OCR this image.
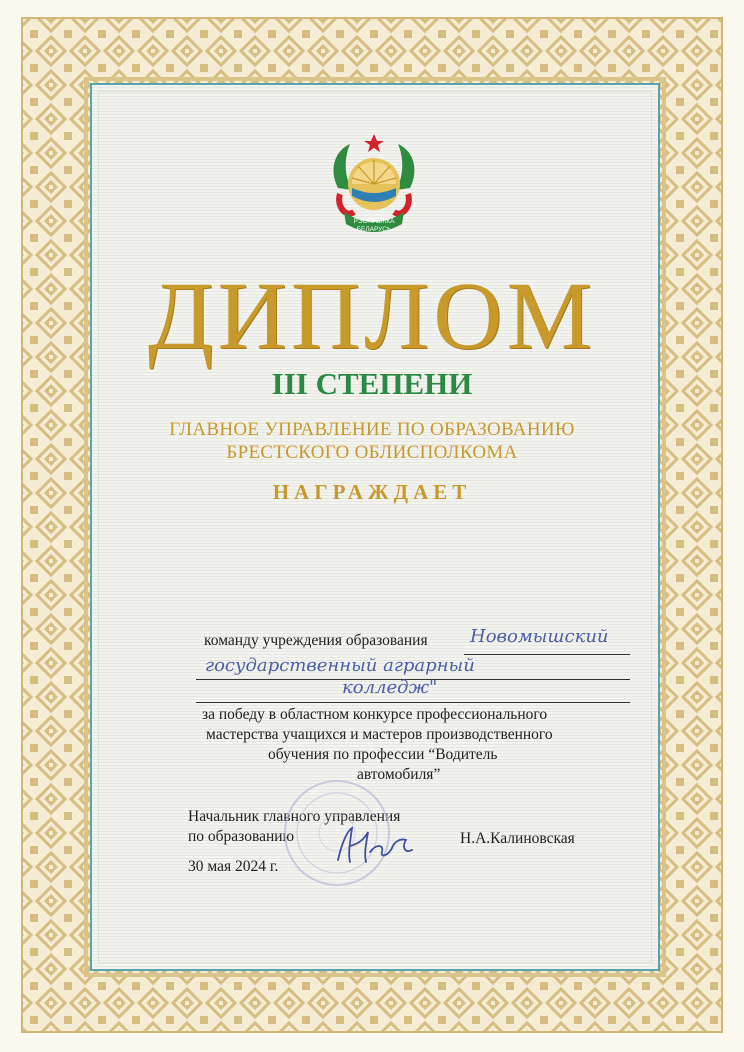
РЭСПУБЛІКА
БЕЛАРУСЬ
ДИПЛОМ
III СТЕПЕНИ
ГЛАВНОЕ УПРАВЛЕНИЕ ПО ОБРАЗОВАНИЮ
БРЕСТСКОГО ОБЛИСПОЛКОМА
НАГРАЖДАЕТ
команду учреждения образования Новомышский
государственный аграрный
колледж"
за победу в областном конкурсе профессионального
мастерства учащихся и мастеров производственного
обучения по профессии “Водитель
автомобиля”
Начальник главного управления
по образованию	Н.А.Калиновская
30 мая 2024 г.
